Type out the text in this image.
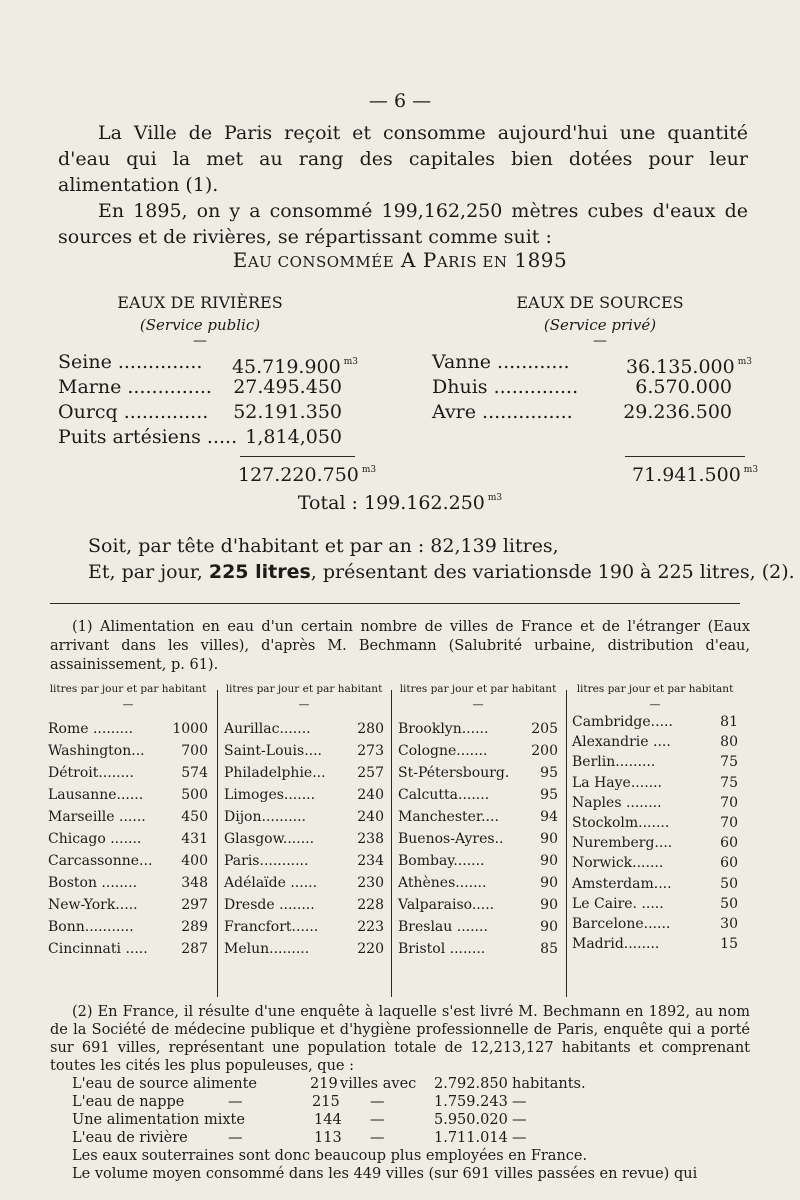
— 6 —

La Ville de Paris reçoit et consomme aujourd'hui une quantité d'eau qui la met au rang des capitales bien dotées pour leur alimentation (1).

En 1895, on y a consommé 199,162,250 mètres cubes d'eaux de sources et de rivières, se répartissant comme suit :

EAU CONSOMMÉE A PARIS EN 1895
EAUX DE RIVIÈRES
(Service public)
—
EAUX DE SOURCES
(Service privé)
—
Seine .............. 45.719.900 $^{m3}$
Marne .............. 27.495.450
Ourcq .............. 52.191.350
Puits artésiens ..... 1,814,050
127.220.750 $^{m3}$
Vanne ............	36.135.000 $^{m3}$
Dhuis ..............	6.570.000
Avre ...............	29.236.500
71.941.500 $^{m3}$
Total : 199.162.250 $^{m3}$
Soit, par tête d'habitant et par an : 82,139 litres,
Et, par jour, 225 litres, présentant des variationsde 190 à 225 litres, (2).

(1) Alimentation en eau d'un certain nombre de villes de France et de l'étranger (Eaux arrivant dans les villes), d'après M. Bechmann (Salubrité urbaine, distribution d'eau, assainissement, p. 61).

litres par jour et par habitant
—
Rome .........	1000
Washington...	700
Détroit........	574
Lausanne......	500
Marseille ......	450
Chicago .......	431
Carcassonne... 400
Boston ........	348
New-York.....	297
Bonn...........	289
Cincinnati ..... 287
litres par jour et par habitant
—
Aurillac.......	280
Saint-Louis....	273
Philadelphie... 257
Limoges.......	240
Dijon..........	240
Glasgow.......	238
Paris...........	234
Adélaïde ......	230
Dresde ........	228
Francfort......	223
Melun.........	220
litres par jour et par habitant
—
Brooklyn......	205
Cologne.......	200
St-Pétersbourg. 95
Calcutta.......	95
Manchester....	94
Buenos-Ayres..	90
Bombay.......	90
Athènes.......	90
Valparaiso.....	90
Breslau .......	90
Bristol ........	85
litres par jour et par habitant
—
Cambridge.....	81
Alexandrie ....	80
Berlin.........	75
La Haye.......	75
Naples ........	70
Stockolm.......	70
Nuremberg....	60
Norwick.......	60
Amsterdam....	50
Le Caire. .....	50
Barcelone......	30
Madrid........	15

(2) En France, il résulte d'une enquête à laquelle s'est livré M. Bechmann en 1892, au nom de la Société de médecine publique et d'hygiène professionnelle de Paris, enquête qui a porté sur 691 villes, représentant une population totale de 12,213,127 habitants et comprenant toutes les cités les plus populeuses, que :

L'eau de source alimente	219 villes avec 2.792.850 habitants.
L'eau de nappe	—	215 —	1.759.243 —
Une alimentation mixte	144 —	5.950.020 —
L'eau de rivière	—	113 —	1.711.014 —

Les eaux souterraines sont donc beaucoup plus employées en France.

Le volume moyen consommé dans les 449 villes (sur 691 villes passées en revue) qui
